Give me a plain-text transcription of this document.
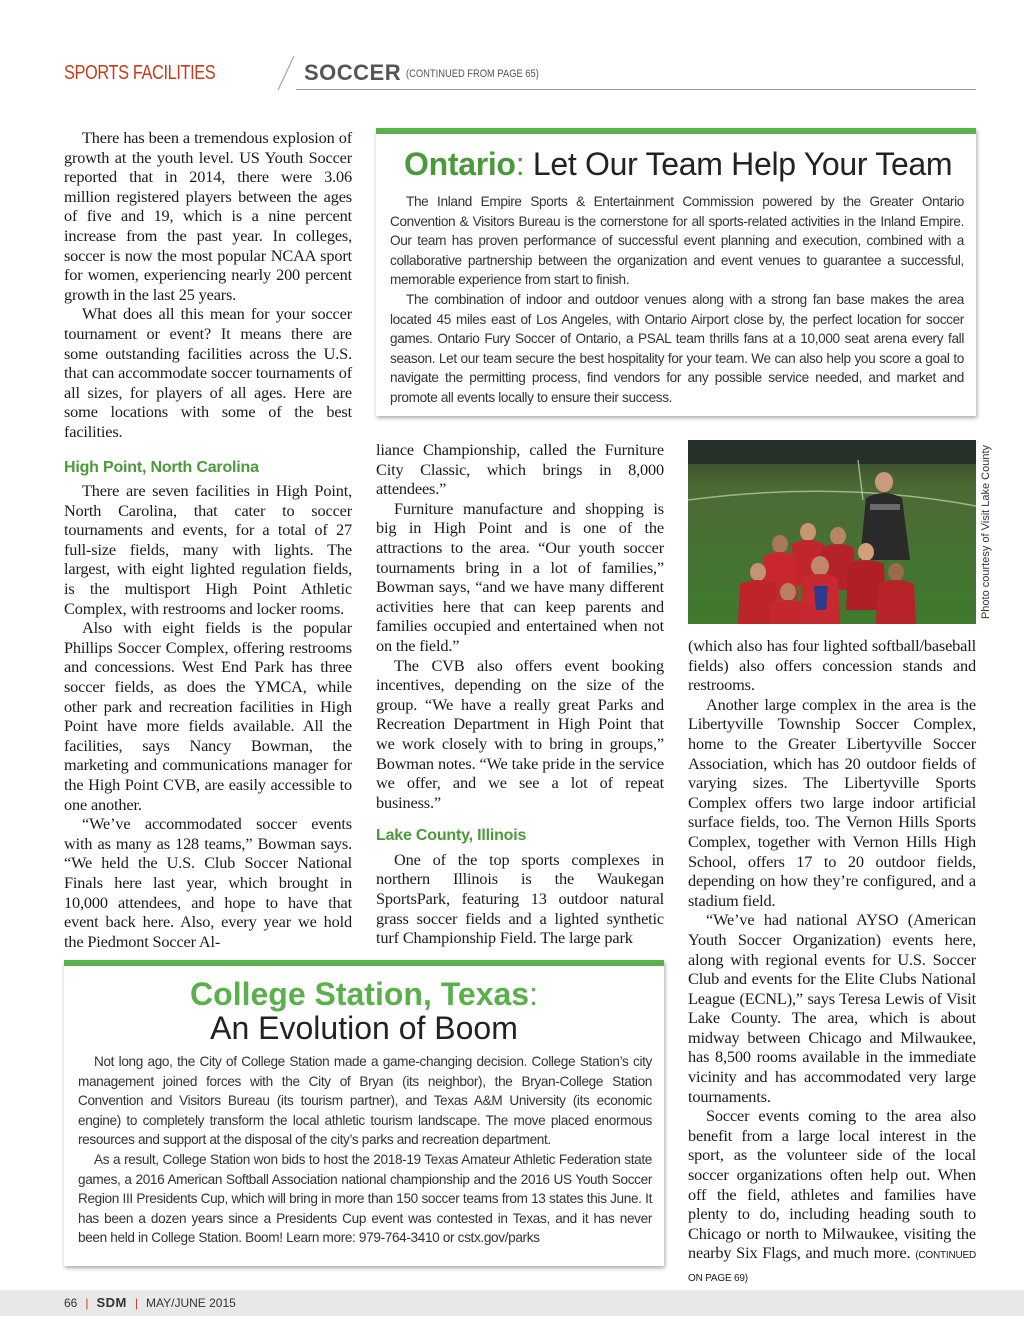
SPORTS FACILITIES	SOCCER (CONTINUED FROM PAGE 65)

There has been a tremendous explosion of growth at the youth level. US Youth Soccer reported that in 2014, there were 3.06 million registered players between the ages of five and 19, which is a nine percent increase from the past year. In colleges, soccer is now the most popular NCAA sport for women, experiencing nearly 200 percent growth in the last 25 years.

What does all this mean for your soccer tournament or event? It means there are some outstanding facilities across the U.S. that can accommodate soccer tournaments of all sizes, for players of all ages. Here are some locations with some of the best facilities.

High Point, North Carolina

There are seven facilities in High Point, North Carolina, that cater to soccer tournaments and events, for a total of 27 full-size fields, many with lights. The largest, with eight lighted regulation fields, is the multisport High Point Athletic Complex, with restrooms and locker rooms.

Also with eight fields is the popular Phillips Soccer Complex, offering restrooms and concessions. West End Park has three soccer fields, as does the YMCA, while other park and recreation facilities in High Point have more fields available. All the facilities, says Nancy Bowman, the marketing and communications manager for the High Point CVB, are easily accessible to one another.

“We’ve accommodated soccer events with as many as 128 teams,” Bowman says. “We held the U.S. Club Soccer National Finals here last year, which brought in 10,000 attendees, and hope to have that event back here. Also, every year we hold the Piedmont Soccer Al-

liance Championship, called the Furniture City Classic, which brings in 8,000 attendees.”

Furniture manufacture and shopping is big in High Point and is one of the attractions to the area. “Our youth soccer tournaments bring in a lot of families,” Bowman says, “and we have many different activities here that can keep parents and families occupied and entertained when not on the field.”

The CVB also offers event booking incentives, depending on the size of the group. “We have a really great Parks and Recreation Department in High Point that we work closely with to bring in groups,” Bowman notes. “We take pride in the service we offer, and we see a lot of repeat business.”

Lake County, Illinois

One of the top sports complexes in northern Illinois is the Waukegan SportsPark, featuring 13 outdoor natural grass soccer fields and a lighted synthetic turf Championship Field. The large park

Photo courtesy of Visit Lake County

(which also has four lighted softball/baseball fields) also offers concession stands and restrooms.

Another large complex in the area is the Libertyville Township Soccer Complex, home to the Greater Libertyville Soccer Association, which has 20 outdoor fields of varying sizes. The Libertyville Sports Complex offers two large indoor artificial surface fields, too. The Vernon Hills Sports Complex, together with Vernon Hills High School, offers 17 to 20 outdoor fields, depending on how they’re configured, and a stadium field.

“We’ve had national AYSO (American Youth Soccer Organization) events here, along with regional events for U.S. Soccer Club and events for the Elite Clubs National League (ECNL),” says Teresa Lewis of Visit Lake County. The area, which is about midway between Chicago and Milwaukee, has 8,500 rooms available in the immediate vicinity and has accommodated very large tournaments.

Soccer events coming to the area also benefit from a large local interest in the sport, as the volunteer side of the local soccer organizations often help out. When off the field, athletes and families have plenty to do, including heading south to Chicago or north to Milwaukee, visiting the nearby Six Flags, and much more. (CONTINUED ON PAGE 69)

Ontario: Let Our Team Help Your Team

The Inland Empire Sports & Entertainment Commission powered by the Greater Ontario Convention & Visitors Bureau is the cornerstone for all sports-related activities in the Inland Empire. Our team has proven performance of successful event planning and execution, combined with a collaborative partnership between the organization and event venues to guarantee a successful, memorable experience from start to finish.

The combination of indoor and outdoor venues along with a strong fan base makes the area located 45 miles east of Los Angeles, with Ontario Airport close by, the perfect location for soccer games. Ontario Fury Soccer of Ontario, a PSAL team thrills fans at a 10,000 seat arena every fall season. Let our team secure the best hospitality for your team. We can also help you score a goal to navigate the permitting process, find vendors for any possible service needed, and market and promote all events locally to ensure their success.

College Station, Texas:
An Evolution of Boom

Not long ago, the City of College Station made a game-changing decision. College Station’s city management joined forces with the City of Bryan (its neighbor), the Bryan-College Station Convention and Visitors Bureau (its tourism partner), and Texas A&M University (its economic engine) to completely transform the local athletic tourism landscape. The move placed enormous resources and support at the disposal of the city’s parks and recreation department.

As a result, College Station won bids to host the 2018-19 Texas Amateur Athletic Federation state games, a 2016 American Softball Association national championship and the 2016 US Youth Soccer Region III Presidents Cup, which will bring in more than 150 soccer teams from 13 states this June. It has been a dozen years since a Presidents Cup event was contested in Texas, and it has never been held in College Station. Boom! Learn more: 979-764-3410 or cstx.gov/parks

66 | SDM | MAY/JUNE 2015
